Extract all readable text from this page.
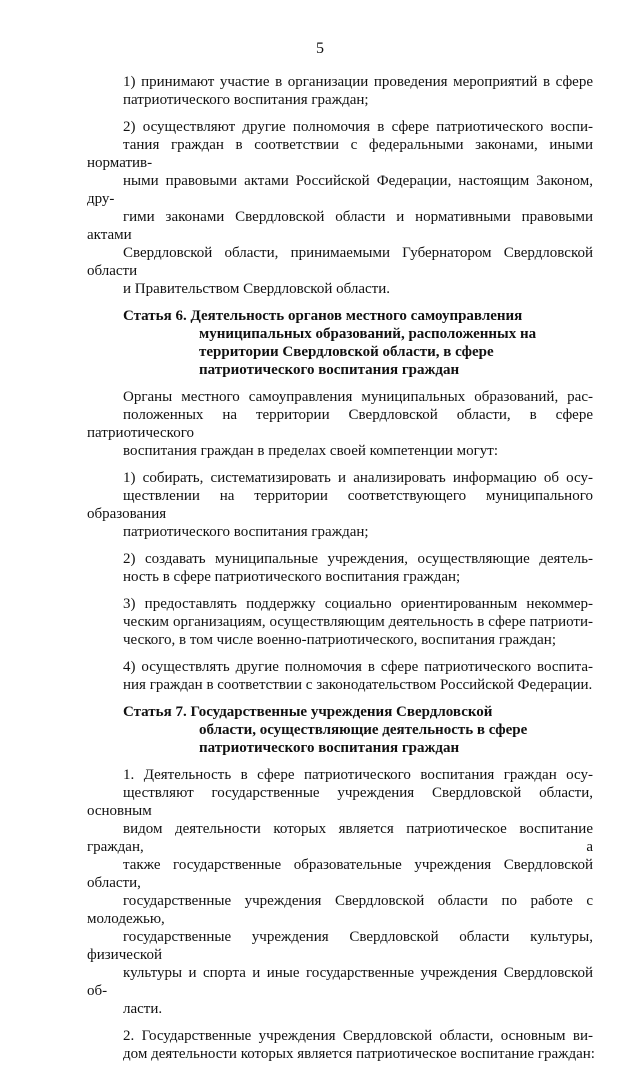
5
1) принимают участие в организации проведения мероприятий в сфере
патриотического воспитания граждан;
2) осуществляют другие полномочия в сфере патриотического воспи-
тания граждан в соответствии с федеральными законами, иными норматив-
ными правовыми актами Российской Федерации, настоящим Законом, дру-
гими законами Свердловской области и нормативными правовыми актами
Свердловской области, принимаемыми Губернатором Свердловской области
и Правительством Свердловской области.
Статья 6. Деятельность органов местного самоуправления
муниципальных образований, расположенных на
территории Свердловской области, в сфере
патриотического воспитания граждан
Органы местного самоуправления муниципальных образований, рас-
положенных на территории Свердловской области, в сфере патриотического
воспитания граждан в пределах своей компетенции могут:
1) собирать, систематизировать и анализировать информацию об осу-
ществлении на территории соответствующего муниципального образования
патриотического воспитания граждан;
2) создавать муниципальные учреждения, осуществляющие деятель-
ность в сфере патриотического воспитания граждан;
3) предоставлять поддержку социально ориентированным некоммер-
ческим организациям, осуществляющим деятельность в сфере патриоти-
ческого, в том числе военно-патриотического, воспитания граждан;
4) осуществлять другие полномочия в сфере патриотического воспита-
ния граждан в соответствии с законодательством Российской Федерации.
Статья 7. Государственные учреждения Свердловской
области, осуществляющие деятельность в сфере
патриотического воспитания граждан
1. Деятельность в сфере патриотического воспитания граждан осу-
ществляют государственные учреждения Свердловской области, основным
видом деятельности которых является патриотическое воспитание граждан, а
также государственные образовательные учреждения Свердловской области,
государственные учреждения Свердловской области по работе с молодежью,
государственные учреждения Свердловской области культуры, физической
культуры и спорта и иные государственные учреждения Свердловской об-
ласти.
2. Государственные учреждения Свердловской области, основным ви-
дом деятельности которых является патриотическое воспитание граждан:
